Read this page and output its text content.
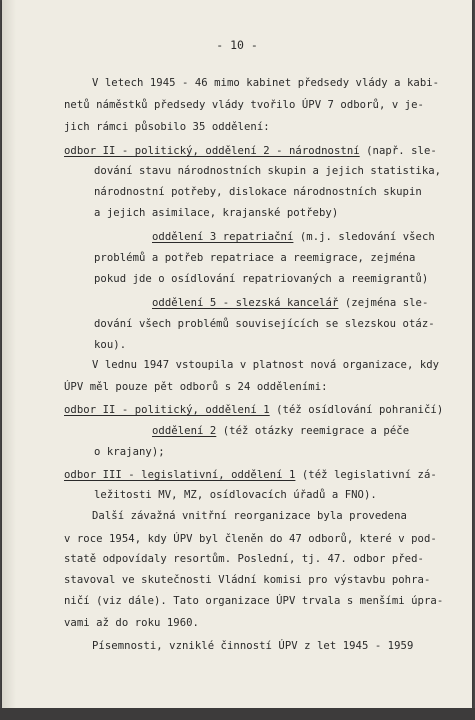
- 10 -
V letech 1945 - 46 mimo kabinet předsedy vlády a kabi-
netů náměstků předsedy vlády tvořilo ÚPV 7 odborů, v je-
jich rámci působilo 35 oddělení:
odbor II - politický, oddělení 2 - národnostní (např. sle-
dování stavu národnostních skupin a jejich statistika,
národnostní potřeby, dislokace národnostních skupin
a jejich asimilace, krajanské potřeby)
oddělení 3 repatriační (m.j. sledování všech
problémů a potřeb repatriace a reemigrace, zejména
pokud jde o osídlování repatriovaných a reemigrantů)
oddělení 5 - slezská kancelář (zejména sle-
dování všech problémů souvisejících se slezskou otáz-
kou).
V lednu 1947 vstoupila v platnost nová organizace, kdy
ÚPV měl pouze pět odborů s 24 odděleními:
odbor II - politický, oddělení 1 (též osídlování pohraničí)
oddělení 2 (též otázky reemigrace a péče
o krajany);
odbor III - legislativní, oddělení 1 (též legislativní zá-
ležitosti MV, MZ, osídlovacích úřadů a FNO).
Další závažná vnitřní reorganizace byla provedena
v roce 1954, kdy ÚPV byl členěn do 47 odborů, které v pod-
statě odpovídaly resortům. Poslední, tj. 47. odbor před-
stavoval ve skutečnosti Vládní komisi pro výstavbu pohra-
ničí (viz dále). Tato organizace ÚPV trvala s menšími úpra-
vami až do roku 1960.
Písemnosti, vzniklé činností ÚPV z let 1945 - 1959
